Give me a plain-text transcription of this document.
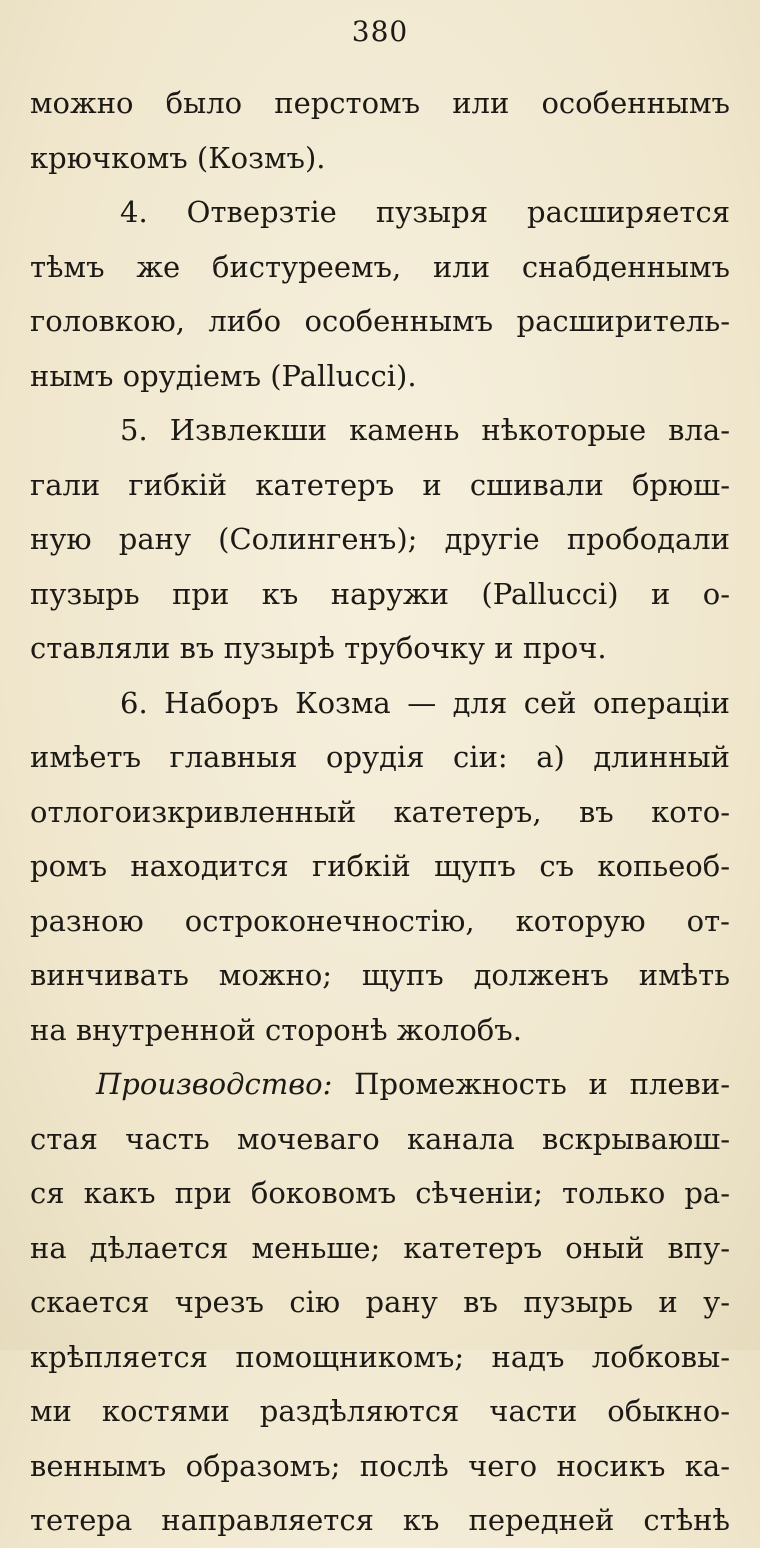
380
можно было перстомъ или особеннымъ
крючкомъ (Козмъ).
4. Отверзтіе пузыря расширяется
тѣмъ же бистуреемъ, или снабденнымъ
головкою, либо особеннымъ расширитель-
нымъ орудіемъ (Pallucci).
5. Извлекши камень нѣкоторые вла-
гали гибкій катетеръ и сшивали брюш-
ную рану (Солингенъ); другіе прободали
пузырь при къ наружи (Pallucci) и о-
ставляли въ пузырѣ трубочку и проч.
6. Наборъ Козма — для сей операціи
имѣетъ главныя орудія сіи: a) длинный
отлогоизкривленный катетеръ, въ кото-
ромъ находится гибкій щупъ съ копьеоб-
разною остроконечностію, которую от-
винчивать можно; щупъ долженъ имѣть
на внутренной сторонѣ жолобъ.
Производство: Промежность и плеви-
стая часть мочеваго канала вскрываюш-
ся какъ при боковомъ сѣченіи; только ра-
на дѣлается меньше; катетеръ оный впу-
скается чрезъ сію рану въ пузырь и у-
крѣпляется помощникомъ; надъ лобковы-
ми костями раздѣляются части обыкно-
веннымъ образомъ; послѣ чего носикъ ка-
тетера направляется къ передней стѣнѣ
